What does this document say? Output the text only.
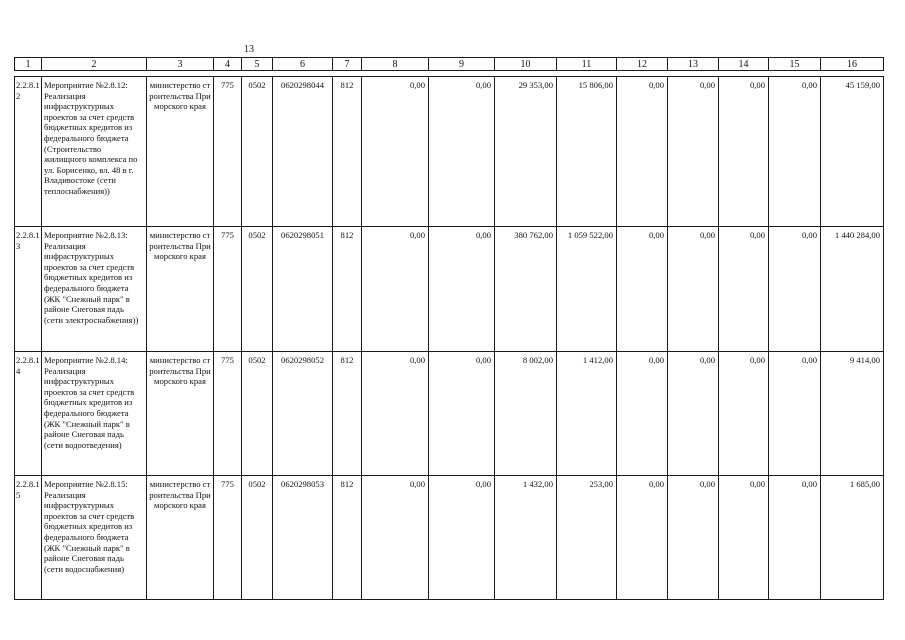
13
1	2	3	4	5	6	7	8	9	10	11	12	13	14	15	16
2.2.8.12	Мероприятие №2.8.12: Реализация инфраструктурных проектов за счет средств бюджетных кредитов из федерального бюджета (Строительство жилищного комплекса по ул. Борисенко, вл. 48 в г. Владивостоке (сети теплоснабжения))	министерство строительства Приморского края	775	0502	0620298044	812	0,00	0,00	29 353,00	15 806,00	0,00	0,00	0,00	0,00	45 159,00
2.2.8.13	Мероприятие №2.8.13: Реализация инфраструктурных проектов за счет средств бюджетных кредитов из федерального бюджета (ЖК "Снежный парк" в районе Снеговая падь (сети электроснабжения))	министерство строительства Приморского края	775	0502	0620298051	812	0,00	0,00	380 762,00	1 059 522,00	0,00	0,00	0,00	0,00	1 440 284,00
2.2.8.14	Мероприятие №2.8.14: Реализация инфраструктурных проектов за счет средств бюджетных кредитов из федерального бюджета (ЖК "Снежный парк" в районе Снеговая падь (сети водоотведения)	министерство строительства Приморского края	775	0502	0620298052	812	0,00	0,00	8 002,00	1 412,00	0,00	0,00	0,00	0,00	9 414,00
2.2.8.15	Мероприятие №2.8.15: Реализация инфраструктурных проектов за счет средств бюджетных кредитов из федерального бюджета (ЖК "Снежный парк" в районе Снеговая падь (сети водоснабжения)	министерство строительства Приморского края	775	0502	0620298053	812	0,00	0,00	1 432,00	253,00	0,00	0,00	0,00	0,00	1 685,00
